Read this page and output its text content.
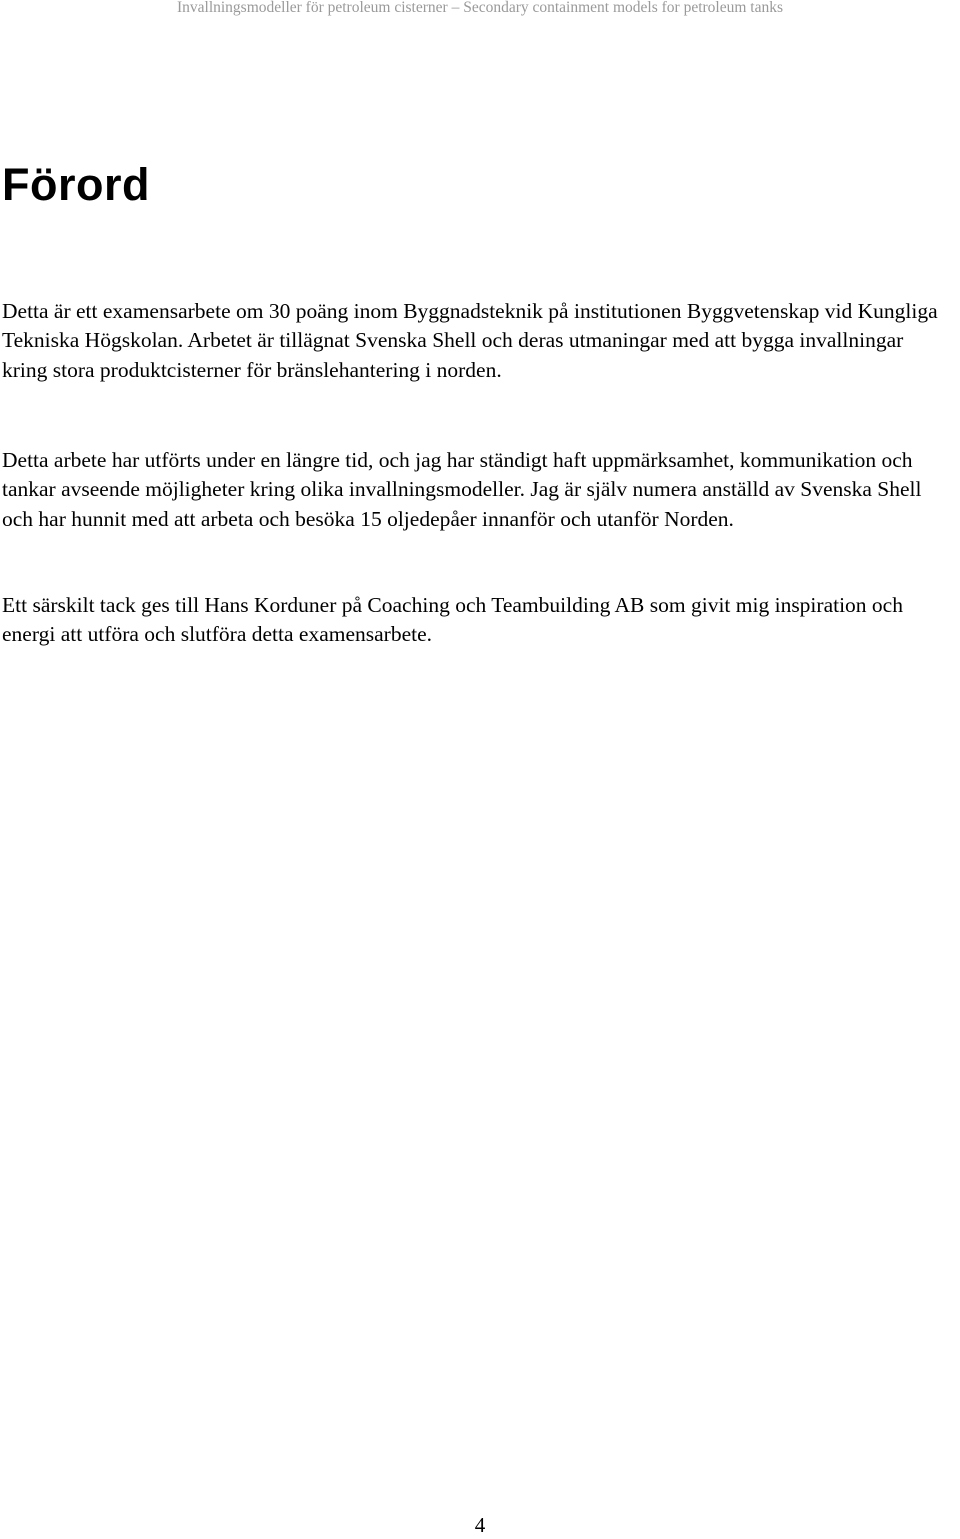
Invallningsmodeller för petroleum cisterner – Secondary containment models for petroleum tanks
Förord

Detta är ett examensarbete om 30 poäng inom Byggnadsteknik på institutionen Byggvetenskap vid Kungliga Tekniska Högskolan. Arbetet är tillägnat Svenska Shell och deras utmaningar med att bygga invallningar kring stora produktcisterner för bränslehantering i norden.

Detta arbete har utförts under en längre tid, och jag har ständigt haft uppmärksamhet, kommunikation och tankar avseende möjligheter kring olika invallningsmodeller. Jag är själv numera anställd av Svenska Shell och har hunnit med att arbeta och besöka 15 oljedepåer innanför och utanför Norden.

Ett särskilt tack ges till Hans Korduner på Coaching och Teambuilding AB som givit mig inspiration och energi att utföra och slutföra detta examensarbete.

4
